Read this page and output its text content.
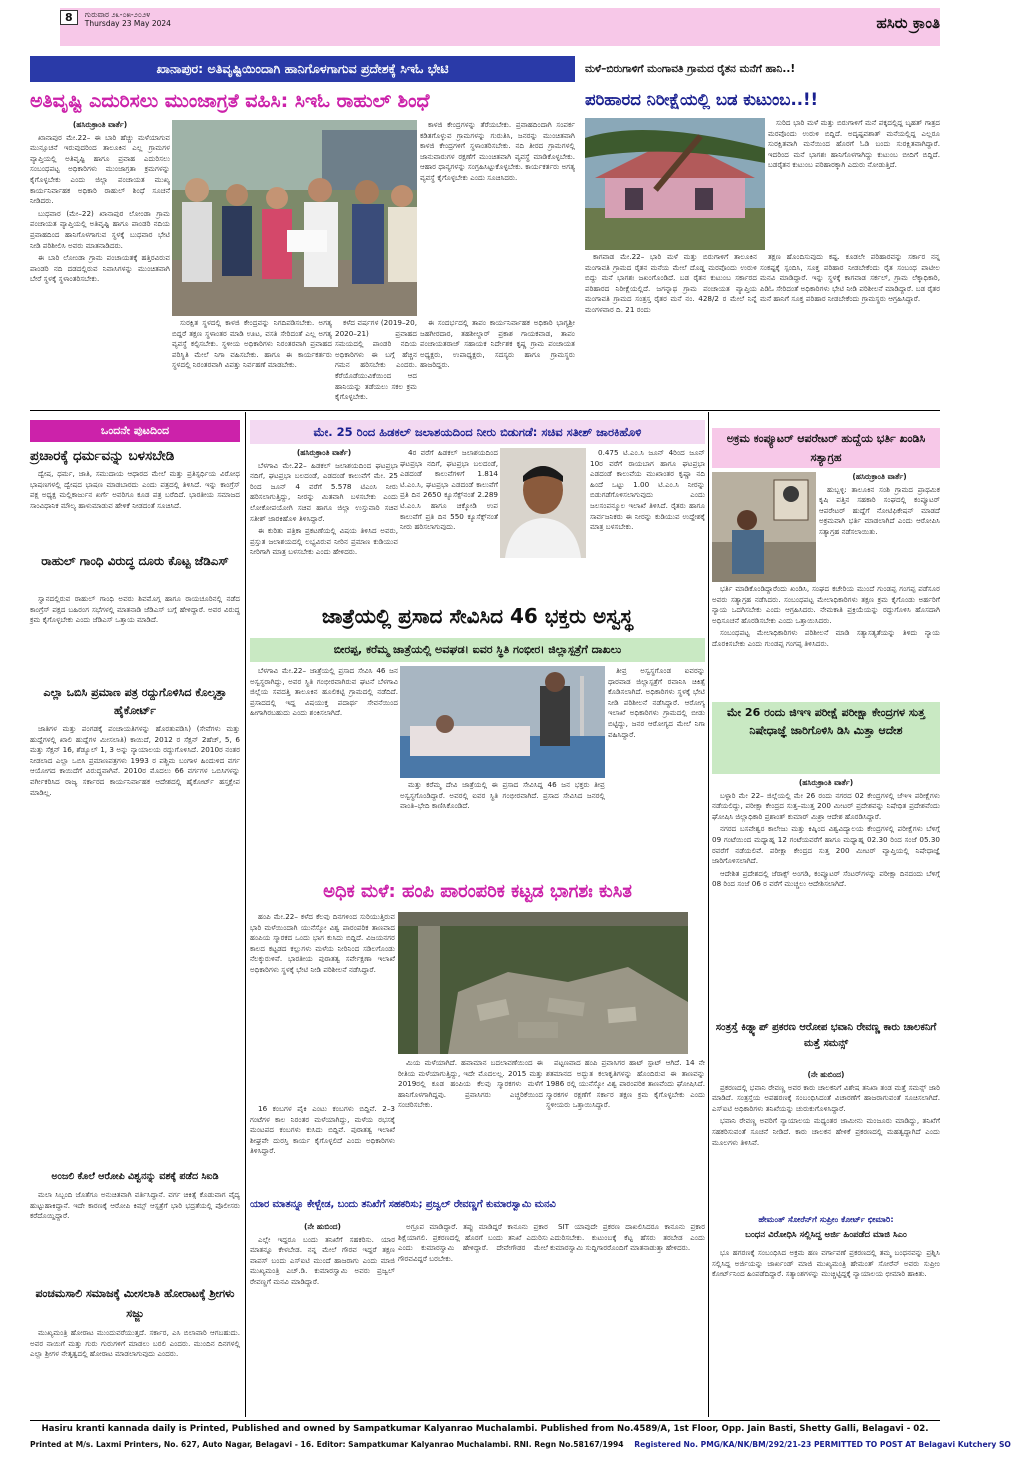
8 ಗುರುವಾರ ೨೩-೦೫-೨೦೨೪
Thursday 23 May 2024	ಹಸಿರು ಕ್ರಾಂತಿ
ಖಾನಾಪುರ: ಅತಿವೃಷ್ಟಿಯಿಂದಾಗಿ ಹಾನಿಗೊಳಗಾಗುವ ಪ್ರದೇಶಕ್ಕೆ ಸಿಇಓ ಭೇಟಿ
ಅತಿವೃಷ್ಟಿ ಎದುರಿಸಲು ಮುಂಜಾಗ್ರತೆ ವಹಿಸಿ: ಸಿಇಓ ರಾಹುಲ್ ಶಿಂಧೆ

(ಹಸಿರುಕ್ರಾಂತಿ ವಾರ್ತೆ)

ಖಾನಾಪುರ ಮೇ.22– ಈ ಬಾರಿ ಹೆಚ್ಚು ಮಳೆಯಾಗುವ ಮುನ್ಸೂಚನೆ ಇರುವುದರಿಂದ ತಾಲೂಕಿನ ಎಲ್ಲ ಗ್ರಾಮಗಳ ವ್ಯಾಪ್ತಿಯಲ್ಲಿ ಅತಿವೃಷ್ಟಿ ಹಾಗೂ ಪ್ರವಾಹ ಎದುರಿಸಲು ಸಂಬಂಧಪಟ್ಟ ಅಧಿಕಾರಿಗಳು ಮುಂಜಾಗ್ರತಾ ಕ್ರಮಗಳನ್ನು ಕೈಗೊಳ್ಳಬೇಕು ಎಂದು ಜಿಲ್ಲಾ ಪಂಚಾಯತ ಮುಖ್ಯ ಕಾರ್ಯನಿರ್ವಾಹಕ ಅಧಿಕಾರಿ ರಾಹುಲ್ ಶಿಂಧೆ ಸೂಚನೆ ನೀಡಿದರು.

ಬುಧವಾರ (ಮೇ–22) ಖಾನಾಪುರ ಲೋಂಡಾ ಗ್ರಾಮ ಪಂಚಾಯತ ವ್ಯಾಪ್ತಿಯಲ್ಲಿ ಅತಿವೃಷ್ಟಿ ಹಾಗೂ ಪಾಂಡರಿ ನದಿಯ ಪ್ರವಾಹದಿಂದ ಹಾನಿಗೊಳಗಾಗುವ ಸ್ಥಳಕ್ಕೆ ಬುಧವಾರ ಭೇಟಿ ನೀಡಿ ಪರಿಶೀಲಿಸಿ ಅವರು ಮಾತನಾಡಿದರು.

ಈ ಬಾರಿ ಲೋಂಡಾ ಗ್ರಾಮ ಪಂಚಾಯತಕ್ಕೆ ಹತ್ತಿರವಿರುವ ಪಾಂಡರಿ ನದಿ ದಡದಲ್ಲಿರುವ ನಿವಾಸಿಗಳನ್ನು ಮುಂಚಿತವಾಗಿ ಬೇರೆ ಸ್ಥಳಕ್ಕೆ ಸ್ಥಳಾಂತರಿಸಬೇಕು.

ಕಾಳಜಿ ಕೇಂದ್ರಗಳನ್ನು ತೆರೆಯಬೇಕು. ಪ್ರವಾಹದಿಂದಾಗಿ ಸಂಪರ್ಕ ಕಡಿತಗೊಳ್ಳುವ ಗ್ರಾಮಗಳನ್ನು ಗುರುತಿಸಿ, ಜನರನ್ನು ಮುಂಚಿತವಾಗಿ ಕಾಳಜಿ ಕೇಂದ್ರಗಳಿಗೆ ಸ್ಥಳಾಂತರಿಸಬೇಕು. ನದಿ ತೀರದ ಗ್ರಾಮಗಳಲ್ಲಿ ಜಾನುವಾರುಗಳ ರಕ್ಷಣೆಗೆ ಮುಂಚಿತವಾಗಿ ವ್ಯವಸ್ಥೆ ಮಾಡಿಕೊಳ್ಳಬೇಕು. ಆಹಾರ ಧಾನ್ಯಗಳನ್ನು ಸಂಗ್ರಹಿಸಿಟ್ಟುಕೊಳ್ಳಬೇಕು. ಕಾರ್ಯಕರ್ತರು ಅಗತ್ಯ ವ್ಯವಸ್ಥೆ ಕೈಗೊಳ್ಳಬೇಕು ಎಂದು ಸೂಚಿಸಿದರು.

ಸುರಕ್ಷಿತ ಸ್ಥಳದಲ್ಲಿ ಕಾಳಜಿ ಕೇಂದ್ರವನ್ನು ನಿಗದಿಪಡಿಸಬೇಕು. ಅಗತ್ಯ ಬಿದ್ದರೆ ತಕ್ಷಣ ಸ್ಥಳಾಂತರ ಮಾಡಿ ಊಟ, ವಸತಿ ಸೇರಿದಂತೆ ಎಲ್ಲ ಅಗತ್ಯ ವ್ಯವಸ್ಥೆ ಕಲ್ಪಿಸಬೇಕು. ಸ್ಥಳೀಯ ಅಧಿಕಾರಿಗಳು ನಿರಂತರವಾಗಿ ಪ್ರವಾಹದ ಪರಿಸ್ಥಿತಿ ಮೇಲೆ ನಿಗಾ ವಹಿಸಬೇಕು. ಹಾಗೂ ಈ ಕಾರ್ಯಕರ್ತರು ಸ್ಥಳದಲ್ಲಿ ನಿರಂತರವಾಗಿ ವಿಪತ್ತು ನಿರ್ವಹಣೆ ಮಾಡಬೇಕು.

ಕಳೆದ ವರ್ಷಗಳ (2019–20, 2020–21) ಪ್ರವಾಹದ ಸಮಯದಲ್ಲಿ ಪಾಂಡರಿ ನದಿಯ ಅಧಿಕಾರಿಗಳು ಈ ಬಗ್ಗೆ ಹೆಚ್ಚಿನ ಗಮನ ಹರಿಸಬೇಕು ಎಂದರು. ಕೆರೆಯೊಡೆಯುವಿಕೆಯಿಂದ ಆದ ಹಾನಿಯನ್ನು ತಡೆಯಲು ಸಕಲ ಕ್ರಮ ಕೈಗೊಳ್ಳಬೇಕು.

ಈ ಸಂದರ್ಭದಲ್ಲಿ ತಾಪಂ ಕಾರ್ಯನಿರ್ವಾಹಕ ಅಧಿಕಾರಿ ಭಾಗ್ಯಶ್ರೀ ಜಹಗೀರದಾರ, ತಹಶೀಲ್ದಾರ್ ಪ್ರಕಾಶ ಗಾಯಕವಾಡ, ತಾಪಂ ಪಂಚಾಯತರಾಜ್ ಸಹಾಯಕ ನಿರ್ದೇಶಕ ಕೃಷ್ಣ ಗ್ರಾಮ ಪಂಚಾಯತ ಅಧ್ಯಕ್ಷರು, ಉಪಾಧ್ಯಕ್ಷರು, ಸದಸ್ಯರು ಹಾಗೂ ಗ್ರಾಮಸ್ಥರು ಹಾಜರಿದ್ದರು.

ಮಳೆ–ಬಿರುಗಾಳಿಗೆ ಮಂಗಾವತಿ ಗ್ರಾಮದ ರೈತನ ಮನೆಗೆ ಹಾನಿ..!
ಪರಿಹಾರದ ನಿರೀಕ್ಷೆಯಲ್ಲಿ ಬಡ ಕುಟುಂಬ..!!

ಸುರಿದ ಭಾರಿ ಮಳೆ ಮತ್ತು ಬಿರುಗಾಳಿಗೆ ಮನೆ ಪಕ್ಕದಲ್ಲಿದ್ದ ಬೃಹತ್ ಗಾತ್ರದ ಮರವೊಂದು ಉರುಳಿ ಬಿದ್ದಿದೆ. ಅದೃಷ್ಟವಶಾತ್ ಮನೆಯಲ್ಲಿದ್ದ ಎಲ್ಲರೂ ಸುರಕ್ಷಿತವಾಗಿ ಮನೆಯಿಂದ ಹೊರಗೆ ಓಡಿ ಬಂದು ಸುರಕ್ಷಿತವಾಗಿದ್ದಾರೆ. ಇದರಿಂದ ಮನೆ ಭಾಗಶಃ ಹಾನಿಗೊಳಗಾಗಿದ್ದು ಕುಟುಂಬ ಬೀದಿಗೆ ಬಿದ್ದಿದೆ. ಬಡರೈತನ ಕುಟುಂಬ ಪರಿಹಾರಕ್ಕಾಗಿ ಎದುರು ನೋಡುತ್ತಿದೆ.

ಕಾಗವಾಡ ಮೇ.22– ಭಾರಿ ಮಳೆ ಮತ್ತು ಬಿರುಗಾಳಿಗೆ ತಾಲೂಕಿನ ಮಂಗಾವತಿ ಗ್ರಾಮದ ರೈತನ ಮನೆಯ ಮೇಲೆ ದೊಡ್ಡ ಮರವೊಂದು ಉರುಳಿ ಬಿದ್ದು ಮನೆ ಭಾಗಶಃ ಜಖಂಗೊಂಡಿದೆ. ಬಡ ರೈತನ ಕುಟುಂಬ ಸರ್ಕಾರದ ಪರಿಹಾರದ ನಿರೀಕ್ಷೆಯಲ್ಲಿದೆ. ಜಗನ್ನಾಥ ಗ್ರಾಮ ಪಂಚಾಯತ ವ್ಯಾಪ್ತಿಯ ಮಂಗಾವತಿ ಗ್ರಾಮದ ಸಂತ್ರಸ್ತ ರೈತರ ಮನೆ ನಂ. 428/2 ರ ಮೇಲೆ ನಿನ್ನೆ ಮಂಗಳವಾರ ದಿ. 21 ರಂದು

ತಕ್ಷಣ ಹೊಂದಿಸುವುದು ಕಷ್ಟ. ಕೂಡಲೇ ಪರಿಹಾರವನ್ನು ಸರ್ಕಾರ ನನ್ನ ಸಂಕಷ್ಟಕ್ಕೆ ಸ್ಪಂದಿಸಿ, ಸೂಕ್ತ ಪರಿಹಾರ ನೀಡಬೇಕೆಂದು ರೈತ ಸಂಬಂಧ ಪಾಟೀಲ ಮನವಿ ಮಾಡಿದ್ದಾರೆ. ಇನ್ನು ಸ್ಥಳಕ್ಕೆ ಕಾಗವಾಡ ಸರ್ಕಲ್, ಗ್ರಾಮ ಲೆಕ್ಕಾಧಿಕಾರಿ, ಪಿಡಿಓ ಸೇರಿದಂತೆ ಅಧಿಕಾರಿಗಳು ಭೇಟಿ ನೀಡಿ ಪರಿಶೀಲನೆ ಮಾಡಿದ್ದಾರೆ. ಬಡ ರೈತರ ಮನೆ ಹಾನಿಗೆ ಸೂಕ್ತ ಪರಿಹಾರ ನೀಡಬೇಕೆಂದು ಗ್ರಾಮಸ್ಥರು ಆಗ್ರಹಿಸಿದ್ದಾರೆ.

ಒಂದನೇ ಪುಟದಿಂದ
ಪ್ರಚಾರಕ್ಕೆ ಧರ್ಮವನ್ನು ಬಳಸಬೇಡಿ

ದ್ವೇಷ, ಧರ್ಮ, ಜಾತಿ, ಸಮುದಾಯ ಆಧಾರದ ಮೇಲೆ ಮತ್ತು ಪ್ರತಿಸ್ಪರ್ಧಿಯ ವಿರೋಧ ಭಾಷಣಗಳಲ್ಲಿ ದ್ವೇಷದ ಭಾಷಣ ಮಾಡಬಾರದು ಎಂದು ಪತ್ರದಲ್ಲಿ ತಿಳಿಸಿದೆ. ಇನ್ನು ಕಾಂಗ್ರೆಸ್ ಪಕ್ಷ ಅಧ್ಯಕ್ಷ ಮಲ್ಲಿಕಾರ್ಜುನ ಖರ್ಗೆ ಅವರಿಗೂ ಕೂಡ ಪತ್ರ ಬರೆದಿದೆ. ಭಾರತೀಯ ಸಮಾಜದ ಸಾಂವಿಧಾನಿಕ ಮೌಲ್ಯ ಹಾಳುಮಾಡುವ ಹೇಳಿಕೆ ನೀಡದಂತೆ ಸೂಚಿಸಿದೆ.

ರಾಹುಲ್ ಗಾಂಧಿ ವಿರುದ್ಧ ದೂರು ಕೊಟ್ಟ ಜೆಡಿಎಸ್

ಸ್ವಾನದಲ್ಲಿರುವ ರಾಹುಲ್ ಗಾಂಧಿ ಅವರು ಶಿವಮೊಗ್ಗ ಹಾಗೂ ರಾಯಚೂರಿನಲ್ಲಿ ನಡೆದ ಕಾಂಗ್ರೆಸ್ ಪಕ್ಷದ ಬಹಿರಂಗ ಸಭೆಗಳಲ್ಲಿ ಮಾತನಾಡಿ ಜೆಡಿಎಸ್ ಬಗ್ಗೆ ಹೇಳಿದ್ದಾರೆ. ಅವರ ವಿರುದ್ಧ ಕ್ರಮ ಕೈಗೊಳ್ಳಬೇಕು ಎಂದು ಜೆಡಿಎಸ್ ಒತ್ತಾಯ ಮಾಡಿದೆ.

ಎಲ್ಲಾ ಒಬಿಸಿ ಪ್ರಮಾಣ ಪತ್ರ ರದ್ದುಗೊಳಿಸಿದ ಕೊಲ್ಕತ್ತಾ ಹೈಕೋರ್ಟ್

ಜಾತಿಗಳ ಮತ್ತು ಪಂಗಡಕ್ಕೆ ಪಂಚಾಯತಿಗಳನ್ನು ಹೊರತುಪಡಿಸಿ) (ಸೇವೆಗಳು ಮತ್ತು ಹುದ್ದೆಗಳಲ್ಲಿ ಖಾಲಿ ಹುದ್ದೆಗಳ ಮೀಸಲಾತಿ) ಕಾಯಿದೆ, 2012 ರ ಸೆಕ್ಷನ್ 2ಹೆಚ್, 5, 6 ಮತ್ತು ಸೆಕ್ಷನ್ 16, ಶೆಡ್ಯೂಲ್ 1, 3 ಅನ್ನು ನ್ಯಾಯಾಲಯ ರದ್ದುಗೊಳಿಸಿದೆ. 2010ರ ನಂತರ ನೀಡಲಾದ ಎಲ್ಲಾ ಒಬಿಸಿ ಪ್ರಮಾಣಪತ್ರಗಳು 1993 ರ ಪಶ್ಚಿಮ ಬಂಗಾಳ ಹಿಂದುಳಿದ ವರ್ಗ ಆಯೋಗದ ಕಾಯಿದೆಗೆ ವಿರುದ್ಧವಾಗಿವೆ. 2010ರ ಮೊದಲು 66 ವರ್ಗಗಳ ಒಬಿಸಿಗಳನ್ನು ವರ್ಗೀಕರಿಸಿದ ರಾಜ್ಯ ಸರ್ಕಾರದ ಕಾರ್ಯನಿರ್ವಾಹಕ ಆದೇಶದಲ್ಲಿ ಹೈಕೋರ್ಟ್ ಹಸ್ತಕ್ಷೇಪ ಮಾಡಿಲ್ಲ.

ಅಂಜಲಿ ಕೊಲೆ ಆರೋಪಿ ವಿಶ್ವನನ್ನು ವಶಕ್ಕೆ ಪಡೆದ ಸಿಐಡಿ

ಮಲಾ ಸಿಬ್ಬಂದಿ ಜೊತೆಗೂ ಅನುಚಿತವಾಗಿ ವರ್ತಿಸಿದ್ದಾನೆ. ವರ್ಗ ಚಿಕಿತ್ಸೆ ಕೊಡುವಾಗ ವೈದ್ಯ ಹುಟ್ಟುಹಾಕಿದ್ದಾನೆ. ಇದೇ ಕಾರಣಕ್ಕೆ ಆರೋಪಿ ಕಿಮ್ಸ್ ಆಸ್ಪತ್ರೆಗೆ ಭಾರಿ ಭದ್ರತೆಯಲ್ಲಿ ಪೊಲೀಸರು ಕರೆದೊಯ್ದಿದ್ದಾರೆ.

ಪಂಚಮಸಾಲಿ ಸಮಾಜಕ್ಕೆ ಮೀಸಲಾತಿ ಹೋರಾಟಕ್ಕೆ ಶ್ರೀಗಳು ಸಜ್ಜು

ಮುಖ್ಯಮಂತ್ರಿ ಹೋರಾಟ ಮುಂದುವರೆಯುತ್ತದೆ. ಸರ್ಕಾರ, ಎಸಿ ಬಿಲಾವಾರಿ ಆಗಬಹುದು. ಅವರ ನಾಯಿಗೆ ಮತ್ತು ಗುರು ಗುರುಗಳಿಗೆ ಮಾಡಲು ಬರಲಿ ಎಂದರು. ಮುಂದಿನ ದಿನಗಳಲ್ಲಿ ಎಲ್ಲಾ ಶ್ರೀಗಳ ನೇತೃತ್ವದಲ್ಲಿ ಹೋರಾಟ ಮಾಡಲಾಗುವುದು ಎಂದರು.

ಮೇ. 25 ರಿಂದ ಹಿಡಕಲ್ ಜಲಾಶಯದಿಂದ ನೀರು ಬಿಡುಗಡೆ: ಸಚಿವ ಸತೀಶ್ ಜಾರಕಿಹೊಳಿ

(ಹಸಿರುಕ್ರಾಂತಿ ವಾರ್ತೆ)

ಬೆಳಗಾವಿ ಮೇ.22– ಹಿಡಕಲ್ ಜಲಾಶಯದಿಂದ ಘಟಪ್ರಭಾ ನದಿಗೆ, ಘಟಪ್ರಭಾ ಬಲದಂಡೆ, ಎಡದಂಡೆ ಕಾಲುವೆಗೆ ಮೇ. 25 ರಿಂದ ಜೂನ್ 4 ವರೆಗೆ 5.578 ಟಿಎಂಸಿ ನೀರು ಹರಿಸಲಾಗುತ್ತಿದ್ದು, ನೀರನ್ನು ಮಿತವಾಗಿ ಬಳಸಬೇಕು ಎಂದು ಲೋಕೋಪಯೋಗಿ ಸಚಿವ ಹಾಗೂ ಜಿಲ್ಲಾ ಉಸ್ತುವಾರಿ ಸಚಿವ ಸತೀಶ್ ಜಾರಕಿಹೊಳಿ ತಿಳಿಸಿದ್ದಾರೆ.

ಈ ಕುರಿತು ಪತ್ರಿಕಾ ಪ್ರಕಟಣೆಯಲ್ಲಿ ವಿಷಯ ತಿಳಿಸಿದ ಅವರು, ಪ್ರಸ್ತುತ ಜಲಾಶಯದಲ್ಲಿ ಲಭ್ಯವಿರುವ ನೀರಿನ ಪ್ರಮಾಣ ಕುಡಿಯುವ ನೀರಿಗಾಗಿ ಮಾತ್ರ ಬಳಸಬೇಕು ಎಂದು ಹೇಳಿದರು.

4ರ ವರೆಗೆ ಹಿಡಕಲ್ ಜಲಾಶಯದಿಂದ ಘಟಪ್ರಭಾ ನದಿಗೆ, ಘಟಪ್ರಭಾ ಬಲದಂಡೆ, ಎಡದಂಡೆ ಕಾಲುವೆಗಳಿಗೆ 1.814 ಟಿ.ಎಂ.ಸಿ, ಘಟಪ್ರಭಾ ಎಡದಂಡೆ ಕಾಲುವೆಗೆ ಪ್ರತಿ ದಿನ 2650 ಕ್ಯೂಸೆಕ್ಸ್‌ನಂತೆ 2.289 ಟಿ.ಎಂ.ಸಿ ಹಾಗೂ ಚಿಕ್ಕೋಡಿ ಉಪ ಕಾಲುವೆಗೆ ಪ್ರತಿ ದಿನ 550 ಕ್ಯೂಸೆಕ್ಸ್‌ನಂತೆ ನೀರು ಹರಿಸಲಾಗುವುದು.

0.475 ಟಿ.ಎಂ.ಸಿ ಜೂನ್ 4ರಿಂದ ಜೂನ್ 10ರ ವರೆಗೆ ರಾಯಬಾಗ ಹಾಗೂ ಘಟಪ್ರಭಾ ಎಡದಂಡೆ ಕಾಲುವೆಯ ಮುಖಾಂತರ ಕೃಷ್ಣಾ ನದಿ ಹಿಂದೆ ಒಟ್ಟು 1.00 ಟಿ.ಎಂ.ಸಿ ನೀರನ್ನು ಬಿಡುಗಡೆಗೊಳಿಸಲಾಗುವುದು ಎಂದು ಜಲಸಂಪನ್ಮೂಲ ಇಲಾಖೆ ತಿಳಿಸಿದೆ. ರೈತರು ಹಾಗೂ ಸಾರ್ವಜನಿಕರು ಈ ನೀರನ್ನು ಕುಡಿಯುವ ಉದ್ದೇಶಕ್ಕೆ ಮಾತ್ರ ಬಳಸಬೇಕು.

ಜಾತ್ರೆಯಲ್ಲಿ ಪ್ರಸಾದ ಸೇವಿಸಿದ 46 ಭಕ್ತರು ಅಸ್ವಸ್ಥ
ಬೀರಪ್ಪ, ಕರೆಮ್ಮ ಜಾತ್ರೆಯಲ್ಲಿ ಅವಘಡ। ಐವರ ಸ್ಥಿತಿ ಗಂಭೀರ। ಜಿಲ್ಲಾಸ್ಪತ್ರೆಗೆ ದಾಖಲು

ಬೆಳಗಾವಿ ಮೇ.22– ಜಾತ್ರೆಯಲ್ಲಿ ಪ್ರಸಾದ ಸೇವಿಸಿ 46 ಜನ ಅಸ್ವಸ್ಥರಾಗಿದ್ದು, ಅವರ ಸ್ಥಿತಿ ಗಂಭೀರವಾಗಿರುವ ಘಟನೆ ಬೆಳಗಾವಿ ಜಿಲ್ಲೆಯ ಸವದತ್ತಿ ತಾಲೂಕಿನ ಹೂಲಿಕಟ್ಟಿ ಗ್ರಾಮದಲ್ಲಿ ನಡೆದಿದೆ. ಪ್ರಸಾದದಲ್ಲಿ ಇದ್ದ ವಿಷಯುಕ್ತ ಪದಾರ್ಥ ಸೇವನೆಯಿಂದ ಹೀಗಾಗಿರಬಹುದು ಎಂದು ಶಂಕಿಸಲಾಗಿದೆ.

ತೀವ್ರ ಅಸ್ವಸ್ಥಗೊಂಡ ಐವರನ್ನು ಧಾರವಾಡ ಜಿಲ್ಲಾಸ್ಪತ್ರೆಗೆ ರವಾನಿಸಿ ಚಿಕಿತ್ಸೆ ಕೊಡಿಸಲಾಗಿದೆ. ಅಧಿಕಾರಿಗಳು ಸ್ಥಳಕ್ಕೆ ಭೇಟಿ ನೀಡಿ ಪರಿಶೀಲನೆ ನಡೆಸಿದ್ದಾರೆ. ಆರೋಗ್ಯ ಇಲಾಖೆ ಅಧಿಕಾರಿಗಳು ಗ್ರಾಮದಲ್ಲಿ ಬೀಡು ಬಿಟ್ಟಿದ್ದು, ಜನರ ಆರೋಗ್ಯದ ಮೇಲೆ ನಿಗಾ ವಹಿಸಿದ್ದಾರೆ.

ಮತ್ತು ಕರೆಮ್ಮ ದೇವಿ ಜಾತ್ರೆಯಲ್ಲಿ ಈ ಪ್ರಸಾದ ಸೇವಿಸಿದ್ದ 46 ಜನ ಭಕ್ತರು ತೀವ್ರ ಅಸ್ವಸ್ಥಗೊಂಡಿದ್ದಾರೆ. ಅವರಲ್ಲಿ ಐವರ ಸ್ಥಿತಿ ಗಂಭೀರವಾಗಿದೆ. ಪ್ರಸಾದ ಸೇವಿಸಿದ ಜನರಲ್ಲಿ ವಾಂತಿ–ಭೇದಿ ಕಾಣಿಸಿಕೊಂಡಿದೆ.

ಅಧಿಕ ಮಳೆ: ಹಂಪಿ ಪಾರಂಪರಿಕ ಕಟ್ಟಡ ಭಾಗಶಃ ಕುಸಿತ

ಹಂಪಿ ಮೇ.22– ಕಳೆದ ಕೆಲವು ದಿನಗಳಿಂದ ಸುರಿಯುತ್ತಿರುವ ಭಾರಿ ಮಳೆಯಿಂದಾಗಿ ಯುನೆಸ್ಕೋ ವಿಶ್ವ ಪಾರಂಪರಿಕ ತಾಣವಾದ ಹಂಪಿಯ ಸ್ಮಾರಕದ ಒಂದು ಭಾಗ ಕುಸಿದು ಬಿದ್ದಿದೆ. ವಿಜಯನಗರ ಕಾಲದ ಕಟ್ಟಡದ ಕಲ್ಲುಗಳು ಮಳೆಯ ನೀರಿನಿಂದ ಸಡಿಲಗೊಂಡು ನೆಲಕ್ಕುರುಳಿವೆ. ಭಾರತೀಯ ಪುರಾತತ್ವ ಸರ್ವೇಕ್ಷಣಾ ಇಲಾಖೆ ಅಧಿಕಾರಿಗಳು ಸ್ಥಳಕ್ಕೆ ಭೇಟಿ ನೀಡಿ ಪರಿಶೀಲನೆ ನಡೆಸಿದ್ದಾರೆ.

16 ಕಂಬಗಳ ಪೈಕಿ ಎಂಟು ಕಂಬಗಳು ಬಿದ್ದಿವೆ. 2–3 ಗಂಟೆಗಳ ಕಾಲ ನಿರಂತರ ಮಳೆಯಾಗಿದ್ದು, ಮಳೆಯ ರಭಸಕ್ಕೆ ಮಂಟಪದ ಕಂಬಗಳು ಕುಸಿದು ಬಿದ್ದಿವೆ. ಪುರಾತತ್ವ ಇಲಾಖೆ ಶೀಘ್ರವೇ ದುರಸ್ತಿ ಕಾರ್ಯ ಕೈಗೊಳ್ಳಲಿದೆ ಎಂದು ಅಧಿಕಾರಿಗಳು ತಿಳಿಸಿದ್ದಾರೆ.

ಮಿಯ ಮಳೆಯಾಗಿದೆ. ಹವಾಮಾನ ಬದಲಾವಣೆಯಿಂದ ಈ ರೀತಿಯ ಮಳೆಯಾಗುತ್ತಿದ್ದು, ಇದೇ ಮೊದಲಲ್ಲ. 2015 ಮತ್ತು 2019ರಲ್ಲಿ ಕೂಡ ಹಂಪಿಯ ಕೆಲವು ಸ್ಮಾರಕಗಳು ಮಳೆಗೆ ಹಾನಿಗೊಳಗಾಗಿದ್ದವು. ಪ್ರವಾಸಿಗರು ಎಚ್ಚರಿಕೆಯಿಂದ ಸಂಚರಿಸಬೇಕು.

ಪಟ್ಟಣವಾದ ಹಂಪಿ ಪ್ರವಾಸಿಗರ ಹಾಟ್ ಸ್ಪಾಟ್ ಆಗಿದೆ. 14 ನೇ ಶತಮಾನದ ಅದ್ಭುತ ಕಲಾಕೃತಿಗಳನ್ನು ಹೊಂದಿರುವ ಈ ತಾಣವನ್ನು 1986 ರಲ್ಲಿ ಯುನೆಸ್ಕೋ ವಿಶ್ವ ಪಾರಂಪರಿಕ ತಾಣವೆಂದು ಘೋಷಿಸಿದೆ. ಸ್ಮಾರಕಗಳ ರಕ್ಷಣೆಗೆ ಸರ್ಕಾರ ತಕ್ಷಣ ಕ್ರಮ ಕೈಗೊಳ್ಳಬೇಕು ಎಂದು ಸ್ಥಳೀಯರು ಒತ್ತಾಯಿಸಿದ್ದಾರೆ.

ಯಾರ ಮಾತನ್ನೂ ಕೇಳ್ಬೇಡ, ಬಂದು ತನಿಖೆಗೆ ಸಹಕರಿಸು; ಪ್ರಜ್ವಲ್ ರೇವಣ್ಣಗೆ ಕುಮಾರಸ್ವಾಮಿ ಮನವಿ

(ನೇ ಹುಬಿಂದ)

ಎಲ್ಲೇ ಇದ್ದರೂ ಬಂದು ತನಿಖೆಗೆ ಸಹಕರಿಸು. ಯಾರ ಮಾತನ್ನೂ ಕೇಳಬೇಡ. ನನ್ನ ಮೇಲೆ ಗೌರವ ಇದ್ದರೆ ತಕ್ಷಣ ವಾಪಸ್ ಬಂದು ಎಸ್ಐಟಿ ಮುಂದೆ ಹಾಜರಾಗು ಎಂದು ಮಾಜಿ ಮುಖ್ಯಮಂತ್ರಿ ಎಚ್.ಡಿ. ಕುಮಾರಸ್ವಾಮಿ ಅವರು ಪ್ರಜ್ವಲ್ ರೇವಣ್ಣಗೆ ಮನವಿ ಮಾಡಿದ್ದಾರೆ.

ಅಗ್ರೂಪ ಮಾಡಿದ್ದಾರೆ. ತಪ್ಪು ಮಾಡಿದ್ದರೆ ಕಾನೂನು ಪ್ರಕಾರ ಶಿಕ್ಷೆಯಾಗಲಿ. ಪ್ರಕರಣದಲ್ಲಿ ಹೊರಗೆ ಬಂದು ತನಿಖೆ ಎದುರಿಸು ಎಂದು ಕುಮಾರಸ್ವಾಮಿ ಹೇಳಿದ್ದಾರೆ. ದೇವೇಗೌಡರ ಮೇಲೆ ಗೌರವವಿದ್ದರೆ ಬರಬೇಕು.

SIT ಯಾವುದೇ ಪ್ರಕರಣ ದಾಖಲಿಸಿದರೂ ಕಾನೂನು ಪ್ರಕಾರ ಎದುರಿಸಬೇಕು. ಕುಟುಂಬಕ್ಕೆ ಕೆಟ್ಟ ಹೆಸರು ತರಬೇಡ ಎಂದು ಕುಮಾರಸ್ವಾಮಿ ಸುದ್ದಿಗಾರರೊಂದಿಗೆ ಮಾತನಾಡುತ್ತಾ ಹೇಳಿದರು.

ಅಕ್ರಮ ಕಂಪ್ಯೂಟರ್ ಆಪರೇಟರ್ ಹುದ್ದೆಯ ಭರ್ತಿ ಖಂಡಿಸಿ ಸತ್ಯಾಗ್ರಹ

(ಹಸಿರುಕ್ರಾಂತಿ ವಾರ್ತೆ)

ಹುಬ್ಬಳ್ಳಿ: ತಾಲೂಕಿನ ಸಂಶಿ ಗ್ರಾಮದ ಪ್ರಾಥಮಿಕ ಕೃಷಿ ಪತ್ತಿನ ಸಹಕಾರಿ ಸಂಘದಲ್ಲಿ ಕಂಪ್ಯೂಟರ್ ಆಪರೇಟರ್ ಹುದ್ದೆಗೆ ನೋಟಿಫಿಕೇಷನ್ ಮಾಡದೆ ಅಕ್ರಮವಾಗಿ ಭರ್ತಿ ಮಾಡಲಾಗಿದೆ ಎಂದು ಆರೋಪಿಸಿ ಸತ್ಯಾಗ್ರಹ ನಡೆಸಲಾಯಿತು.

ಭರ್ತಿ ಮಾಡಿಕೊಂಡಿದ್ದಾರೆಂದು ಖಂಡಿಸಿ, ಸಂಘದ ಕಚೇರಿಯ ಮುಂದೆ ಗುಂಡಪ್ಪ ಗಂಗಪ್ಪ ಪಡೆಸೂರ ಅವರು ಸತ್ಯಾಗ್ರಹ ನಡೆಸಿದರು. ಸಂಬಂಧಪಟ್ಟ ಮೇಲಾಧಿಕಾರಿಗಳು ತಕ್ಷಣ ಕ್ರಮ ಕೈಗೊಂಡು ಅರ್ಹರಿಗೆ ನ್ಯಾಯ ಒದಗಿಸಬೇಕು ಎಂದು ಆಗ್ರಹಿಸಿದರು. ನೇಮಕಾತಿ ಪ್ರಕ್ರಿಯೆಯನ್ನು ರದ್ದುಗೊಳಿಸಿ ಹೊಸದಾಗಿ ಅಧಿಸೂಚನೆ ಹೊರಡಿಸಬೇಕು ಎಂದು ಒತ್ತಾಯಿಸಿದರು.

ಸಂಬಂಧಪಟ್ಟ ಮೇಲಾಧಿಕಾರಿಗಳು ಪರಿಶೀಲನೆ ಮಾಡಿ ಸತ್ಯಾಸತ್ಯತೆಯನ್ನು ತಿಳಿದು ನ್ಯಾಯ ದೊರಕಿಸಬೇಕು ಎಂದು ಗುಂಡಪ್ಪ ಗಂಗಪ್ಪ ತಿಳಿಸಿದರು.

ಮೇ 26 ರಂದು ಜಿಇಇ ಪರೀಕ್ಷೆ ಪರೀಕ್ಷಾ ಕೇಂದ್ರಗಳ ಸುತ್ತ ನಿಷೇಧಾಜ್ಞೆ ಜಾರಿಗೊಳಿಸಿ ಡಿಸಿ ಮಿತ್ತಾ ಆದೇಶ

(ಹಸಿರುಕ್ರಾಂತಿ ವಾರ್ತೆ)

ಬಳ್ಳಾರಿ ಮೇ 22– ಜಿಲ್ಲೆಯಲ್ಲಿ ಮೇ 26 ರಂದು ನಗರದ 02 ಕೇಂದ್ರಗಳಲ್ಲಿ ಜೆಇಇ ಪರೀಕ್ಷೆಗಳು ನಡೆಯಲಿದ್ದು, ಪರೀಕ್ಷಾ ಕೇಂದ್ರದ ಸುತ್ತ–ಮುತ್ತ 200 ಮೀಟರ್ ಪ್ರದೇಶವನ್ನು ನಿಷೇಧಿತ ಪ್ರದೇಶವೆಂದು ಘೋಷಿಸಿ ಜಿಲ್ಲಾಧಿಕಾರಿ ಪ್ರಶಾಂತ್ ಕುಮಾರ್ ಮಿಶ್ರಾ ಆದೇಶ ಹೊರಡಿಸಿದ್ದಾರೆ.

ನಗರದ ಬಸವೇಶ್ವರ ಕಾಲೇಜು ಮತ್ತು ಕಿಷ್ಕಿಂದ ವಿಶ್ವವಿದ್ಯಾಲಯ ಕೇಂದ್ರಗಳಲ್ಲಿ ಪರೀಕ್ಷೆಗಳು ಬೆಳಿಗ್ಗೆ 09 ಗಂಟೆಯಿಂದ ಮಧ್ಯಾಹ್ನ 12 ಗಂಟೆಯವರೆಗೆ ಹಾಗೂ ಮಧ್ಯಾಹ್ನ 02.30 ರಿಂದ ಸಂಜೆ 05.30 ರವರೆಗೆ ನಡೆಯಲಿವೆ. ಪರೀಕ್ಷಾ ಕೇಂದ್ರದ ಸುತ್ತ 200 ಮೀಟರ್ ವ್ಯಾಪ್ತಿಯಲ್ಲಿ ನಿಷೇಧಾಜ್ಞೆ ಜಾರಿಗೊಳಿಸಲಾಗಿದೆ.

ಆದೇಶಿತ ಪ್ರದೇಶದಲ್ಲಿ ಜೆರಾಕ್ಸ್ ಅಂಗಡಿ, ಕಂಪ್ಯೂಟರ್ ಸೆಂಟರ್‌ಗಳನ್ನು ಪರೀಕ್ಷಾ ದಿನದಂದು ಬೆಳಿಗ್ಗೆ 08 ರಿಂದ ಸಂಜೆ 06 ರ ವರೆಗೆ ಮುಚ್ಚಲು ಆದೇಶಿಸಲಾಗಿದೆ.

ಸಂತ್ರಸ್ತೆ ಕಿಡ್ನ್ಯಾಪ್ ಪ್ರಕರಣ ಆರೋಪ ಭವಾನಿ ರೇವಣ್ಣ ಕಾರು ಚಾಲಕನಿಗೆ ಮತ್ತೆ ಸಮನ್ಸ್

(ನೇ ಹುಬಿಂದ)

ಪ್ರಕರಣದಲ್ಲಿ ಭವಾನಿ ರೇವಣ್ಣ ಅವರ ಕಾರು ಚಾಲಕನಿಗೆ ವಿಶೇಷ ತನಿಖಾ ತಂಡ ಮತ್ತೆ ಸಮನ್ಸ್ ಜಾರಿ ಮಾಡಿದೆ. ಸಂತ್ರಸ್ತೆಯ ಅಪಹರಣಕ್ಕೆ ಸಂಬಂಧಿಸಿದಂತೆ ವಿಚಾರಣೆಗೆ ಹಾಜರಾಗುವಂತೆ ಸೂಚಿಸಲಾಗಿದೆ. ಎಸ್ಐಟಿ ಅಧಿಕಾರಿಗಳು ತನಿಖೆಯನ್ನು ಚುರುಕುಗೊಳಿಸಿದ್ದಾರೆ.

ಭವಾನಿ ರೇವಣ್ಣ ಅವರಿಗೆ ನ್ಯಾಯಾಲಯ ಮಧ್ಯಂತರ ಜಾಮೀನು ಮಂಜೂರು ಮಾಡಿದ್ದು, ತನಿಖೆಗೆ ಸಹಕರಿಸುವಂತೆ ಸೂಚನೆ ನೀಡಿದೆ. ಕಾರು ಚಾಲಕನ ಹೇಳಿಕೆ ಪ್ರಕರಣದಲ್ಲಿ ಮಹತ್ವದ್ದಾಗಿದೆ ಎಂದು ಮೂಲಗಳು ತಿಳಿಸಿವೆ.

ಹೇಮಂತ್ ಸೋರೆನ್‌ಗೆ ಸುಪ್ರೀಂ ಕೋರ್ಟ್ ಛೀಮಾರಿ:
ಬಂಧನ ವಿರೋಧಿಸಿ ಸಲ್ಲಿಸಿದ್ದ ಅರ್ಜಿ ಹಿಂಪಡೆದ ಮಾಜಿ ಸಿಎಂ

ಭೂ ಹಗರಣಕ್ಕೆ ಸಂಬಂಧಿಸಿದ ಅಕ್ರಮ ಹಣ ವರ್ಗಾವಣೆ ಪ್ರಕರಣದಲ್ಲಿ ತಮ್ಮ ಬಂಧನವನ್ನು ಪ್ರಶ್ನಿಸಿ ಸಲ್ಲಿಸಿದ್ದ ಅರ್ಜಿಯನ್ನು ಜಾರ್ಖಂಡ್ ಮಾಜಿ ಮುಖ್ಯಮಂತ್ರಿ ಹೇಮಂತ್ ಸೋರೆನ್ ಅವರು ಸುಪ್ರೀಂ ಕೋರ್ಟ್‌ನಿಂದ ಹಿಂಪಡೆದಿದ್ದಾರೆ. ಸತ್ಯಾಂಶಗಳನ್ನು ಮುಚ್ಚಿಟ್ಟಿದ್ದಕ್ಕೆ ನ್ಯಾಯಾಲಯ ಛೀಮಾರಿ ಹಾಕಿತು.

Hasiru kranti kannada daily is Printed, Published and owned by Sampatkumar Kalyanrao Muchalambi. Published from No.4589/A, 1st Floor, Opp. Jain Basti, Shetty Galli, Belagavi - 02.
Printed at M/s. Laxmi Printers, No. 627, Auto Nagar, Belagavi - 16. Editor: Sampatkumar Kalyanrao Muchalambi. RNI. Regn No.58167/1994 Registered No. PMG/KA/NK/BM/292/21-23 PERMITTED TO POST AT Belagavi Kutchery SO
